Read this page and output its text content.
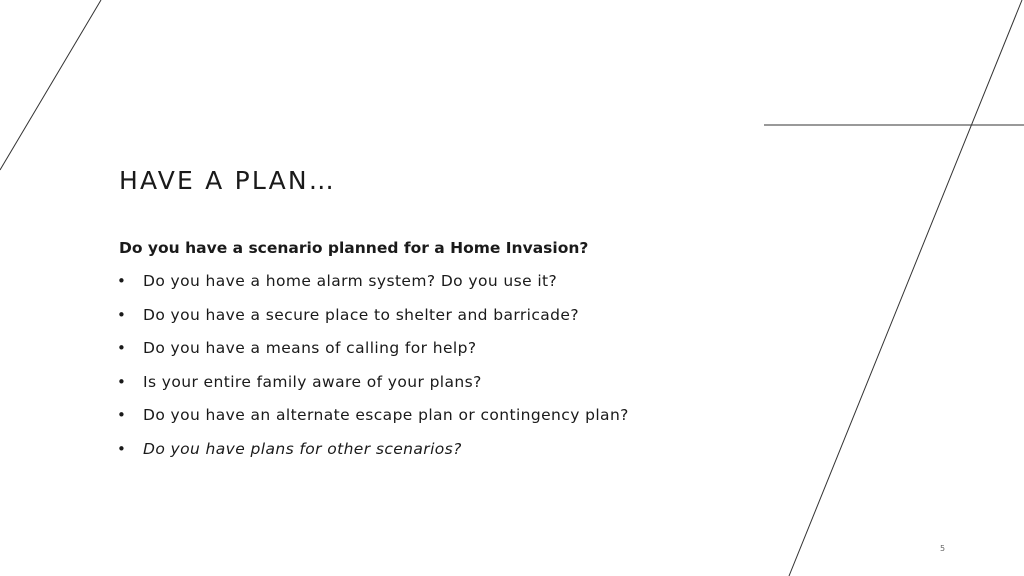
HAVE A PLAN…
Do you have a scenario planned for a Home Invasion?
• Do you have a home alarm system? Do you use it?
• Do you have a secure place to shelter and barricade?
• Do you have a means of calling for help?
• Is your entire family aware of your plans?
• Do you have an alternate escape plan or contingency plan?
• Do you have plans for other scenarios?
5
